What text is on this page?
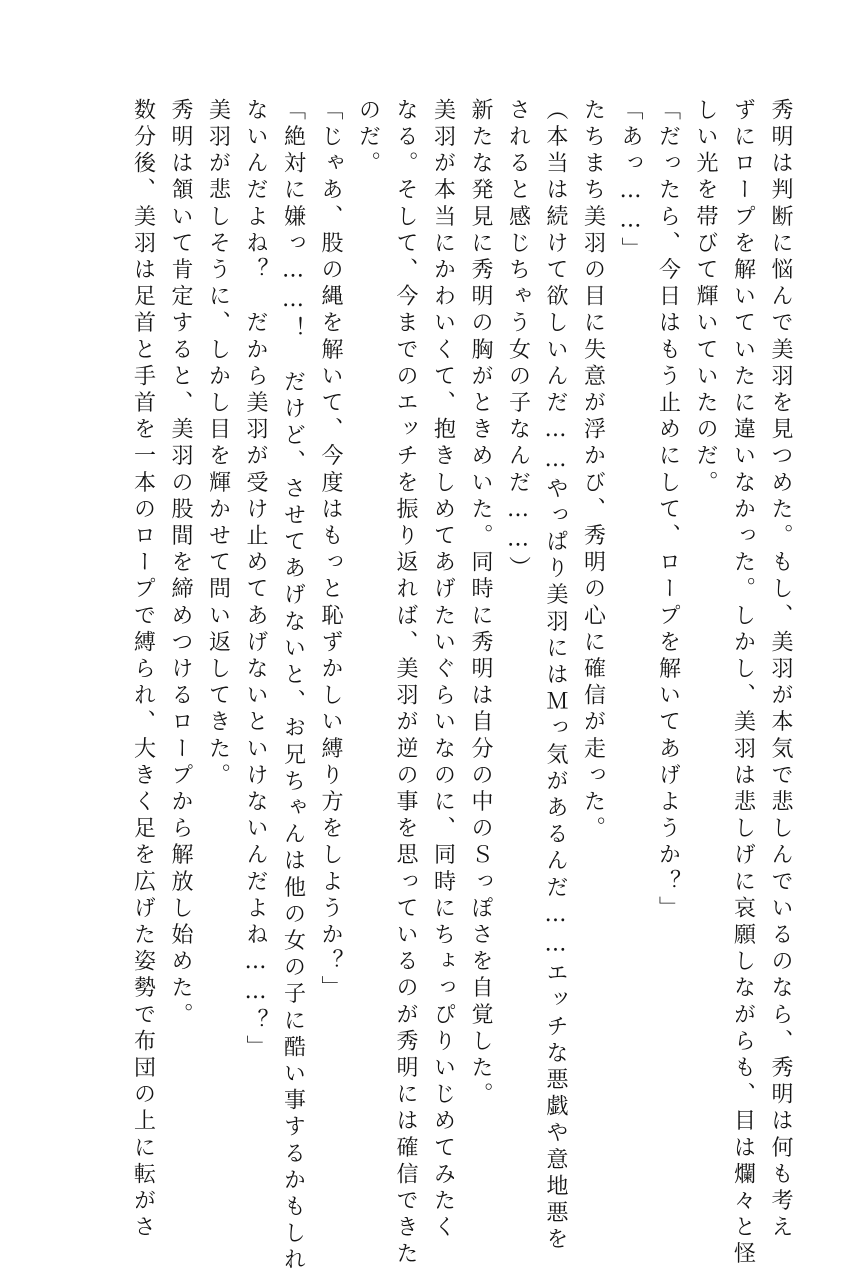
秀明は判断に悩んで美羽を見つめた。もし、美羽が本気で悲しんでいるのなら、秀明は何も考え
ずにロープを解いていたに違いなかった。しかし、美羽は悲しげに哀願しながらも、目は爛々と怪
しい光を帯びて輝いていたのだ。
「だったら、今日はもう止めにして、ロープを解いてあげようか？」
「あっ……」
たちまち美羽の目に失意が浮かび、秀明の心に確信が走った。
（本当は続けて欲しいんだ……やっぱり美羽にはＭっ気があるんだ……エッチな悪戯や意地悪を
されると感じちゃう女の子なんだ……）
新たな発見に秀明の胸がときめいた。同時に秀明は自分の中のＳっぽさを自覚した。
美羽が本当にかわいくて、抱きしめてあげたいぐらいなのに、同時にちょっぴりいじめてみたく
なる。そして、今までのエッチを振り返れば、美羽が逆の事を思っているのが秀明には確信できた
のだ。
「じゃあ、股の縄を解いて、今度はもっと恥ずかしい縛り方をしようか？」
「絶対に嫌っ……！　だけど、させてあげないと、お兄ちゃんは他の女の子に酷い事するかもしれ
ないんだよね？　だから美羽が受け止めてあげないといけないんだよね……？」
美羽が悲しそうに、しかし目を輝かせて問い返してきた。
秀明は頷いて肯定すると、美羽の股間を締めつけるロープから解放し始めた。
数分後、美羽は足首と手首を一本のロープで縛られ、大きく足を広げた姿勢で布団の上に転がさ
